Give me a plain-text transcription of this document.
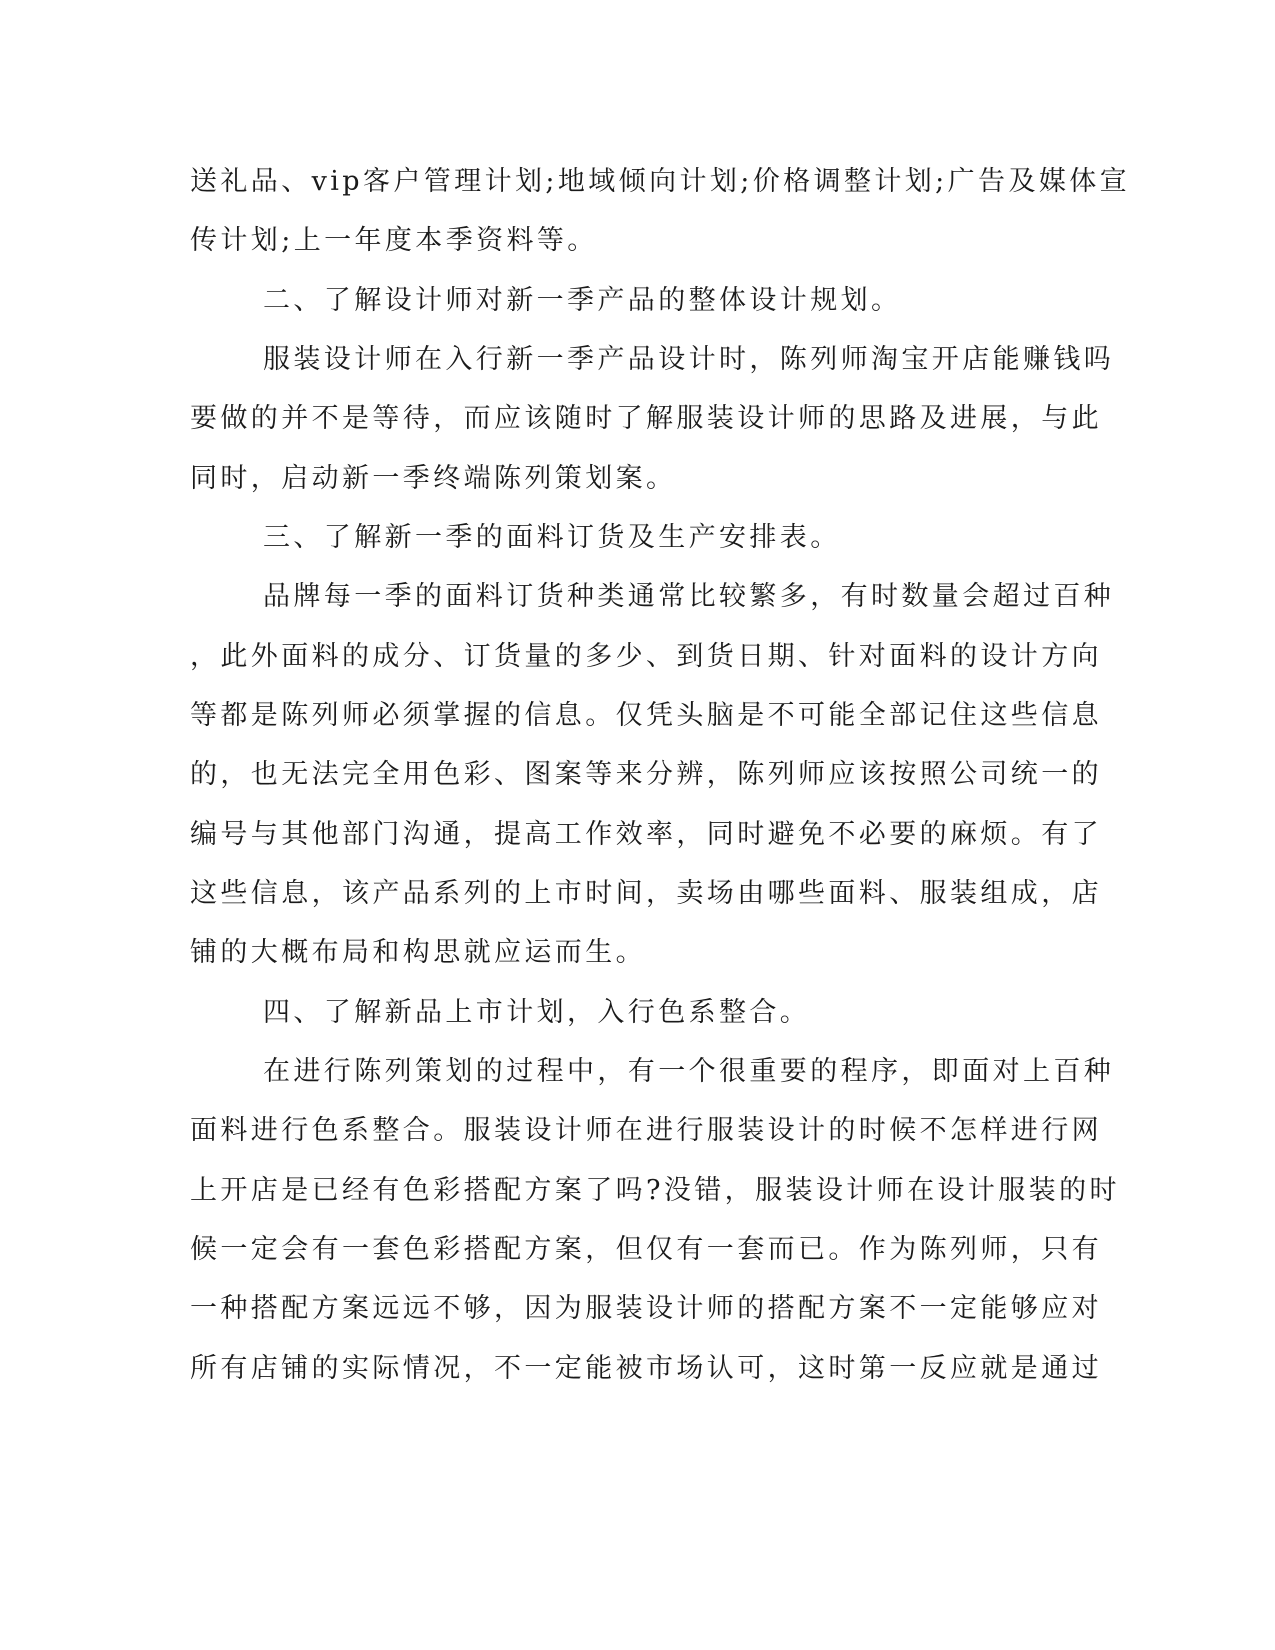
送礼品、vip客户管理计划;地域倾向计划;价格调整计划;广告及媒体宣
传计划;上一年度本季资料等。
二、了解设计师对新一季产品的整体设计规划。
服装设计师在入行新一季产品设计时，陈列师淘宝开店能赚钱吗
要做的并不是等待，而应该随时了解服装设计师的思路及进展，与此
同时，启动新一季终端陈列策划案。
三、了解新一季的面料订货及生产安排表。
品牌每一季的面料订货种类通常比较繁多，有时数量会超过百种
，此外面料的成分、订货量的多少、到货日期、针对面料的设计方向
等都是陈列师必须掌握的信息。仅凭头脑是不可能全部记住这些信息
的，也无法完全用色彩、图案等来分辨，陈列师应该按照公司统一的
编号与其他部门沟通，提高工作效率，同时避免不必要的麻烦。有了
这些信息，该产品系列的上市时间，卖场由哪些面料、服装组成，店
铺的大概布局和构思就应运而生。
四、了解新品上市计划，入行色系整合。
在进行陈列策划的过程中，有一个很重要的程序，即面对上百种
面料进行色系整合。服装设计师在进行服装设计的时候不怎样进行网
上开店是已经有色彩搭配方案了吗?没错，服装设计师在设计服装的时
候一定会有一套色彩搭配方案，但仅有一套而已。作为陈列师，只有
一种搭配方案远远不够，因为服装设计师的搭配方案不一定能够应对
所有店铺的实际情况，不一定能被市场认可，这时第一反应就是通过
